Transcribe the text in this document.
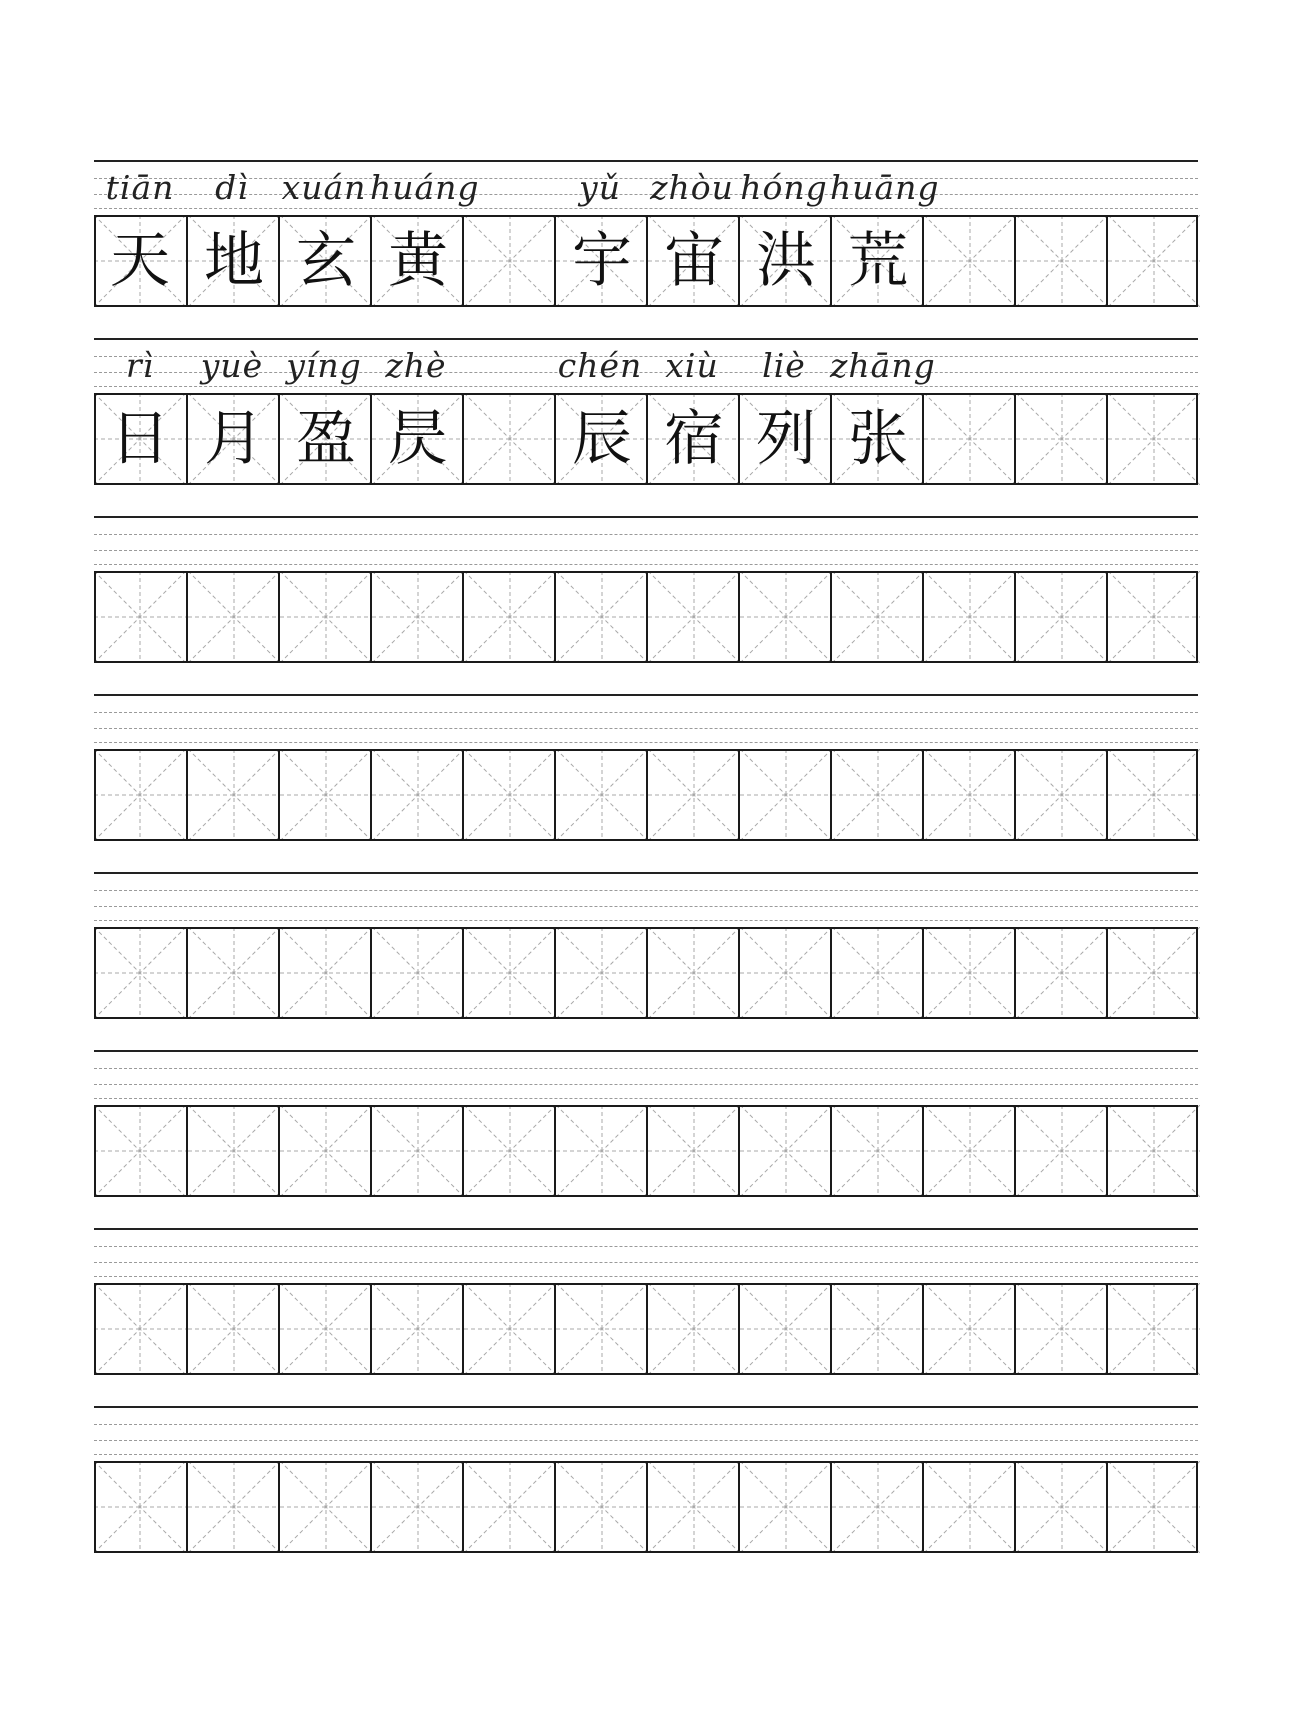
tiān	dì xuán huáng	yǔ zhòu hóng huāng
天 地 玄 黄 宇 宙 洪 荒
rì	yuè yíng zhè	chén xiù	liè zhāng
日 月 盈 昃 辰 宿 列 张
